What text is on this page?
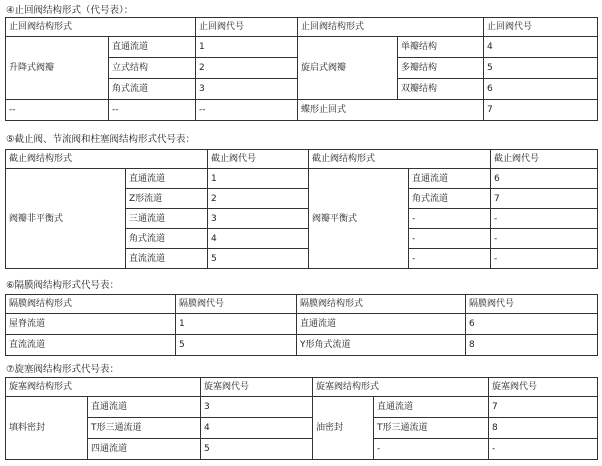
④止回阀结构形式（代号表）：
止回阀结构形式		止回阀代号	止回阀结构形式		止回阀代号
升降式阀瓣	直通流道	1	旋启式阀瓣	单瓣结构	4
	立式结构	2		多瓣结构	5
	角式流道	3		双瓣结构	6
--	--	--	蝶形止回式		7
⑤截止阀、节流阀和柱塞阀结构形式代号表：
截止阀结构形式		截止阀代号	截止阀结构形式		截止阀代号
阀瓣非平衡式	直通流道	1	阀瓣平衡式	直通流道	6
	Z形流道	2		角式流道	7
	三通流道	3		-	-
	角式流道	4		-	-
	直流流道	5		-	-
⑥隔膜阀结构形式代号表：
隔膜阀结构形式	隔膜阀代号	隔膜阀结构形式	隔膜阀代号
屋脊流道	1	直通流道	6
直流流道	5	Y形角式流道	8
⑦旋塞阀结构形式代号表：
旋塞阀结构形式		旋塞阀代号	旋塞阀结构形式		旋塞阀代号
填料密封	直通流道	3	油密封	直通流道	7
	T形三通流道	4		T形三通流道	8
	四通流道	5		-	-
